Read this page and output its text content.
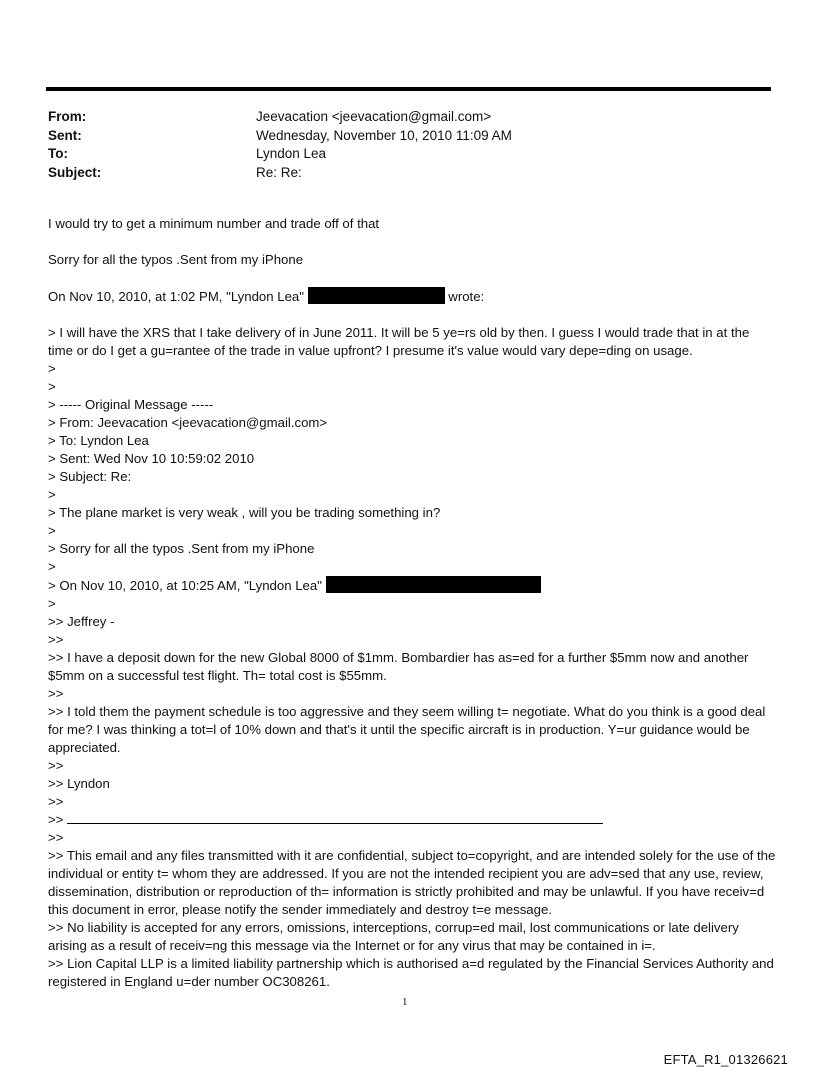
From:	Jeevacation <jeevacation@gmail.com>
Sent:	Wednesday, November 10, 2010 11:09 AM
To:	Lyndon Lea
Subject:	Re: Re:
I would try to get a minimum number and trade off of that
Sorry for all the typos .Sent from my iPhone
On Nov 10, 2010, at 1:02 PM, "Lyndon Lea"	wrote:
> I will have the XRS that I take delivery of in June 2011. It will be 5 ye=rs old by then. I guess I would trade that in at the time or do I get a gu=rantee of the trade in value upfront? I presume it's value would vary depe=ding on usage.
>
>
> ----- Original Message -----
> From: Jeevacation <jeevacation@gmail.com>
> To: Lyndon Lea
> Sent: Wed Nov 10 10:59:02 2010
> Subject: Re:
>
> The plane market is very weak , will you be trading something in?
>
> Sorry for all the typos .Sent from my iPhone
>
> On Nov 10, 2010, at 10:25 AM, "Lyndon Lea"
>
>> Jeffrey -
>>
>> I have a deposit down for the new Global 8000 of $1mm. Bombardier has as=ed for a further $5mm now and another $5mm on a successful test flight. Th= total cost is $55mm.
>>
>> I told them the payment schedule is too aggressive and they seem willing t= negotiate. What do you think is a good deal for me? I was thinking a tot=l of 10% down and that's it until the specific aircraft is in production. Y=ur guidance would be appreciated.
>>
>> Lyndon
>>
>>
>>
>> This email and any files transmitted with it are confidential, subject to=copyright, and are intended solely for the use of the individual or entity t= whom they are addressed. If you are not the intended recipient you are adv=sed that any use, review, dissemination, distribution or reproduction of th= information is strictly prohibited and may be unlawful. If you have receiv=d this document in error, please notify the sender immediately and destroy t=e message.
>> No liability is accepted for any errors, omissions, interceptions, corrup=ed mail, lost communications or late delivery arising as a result of receiv=ng this message via the Internet or for any virus that may be contained in i=.
>> Lion Capital LLP is a limited liability partnership which is authorised a=d regulated by the Financial Services Authority and registered in England u=der number OC308261.
1
EFTA_R1_01326621
